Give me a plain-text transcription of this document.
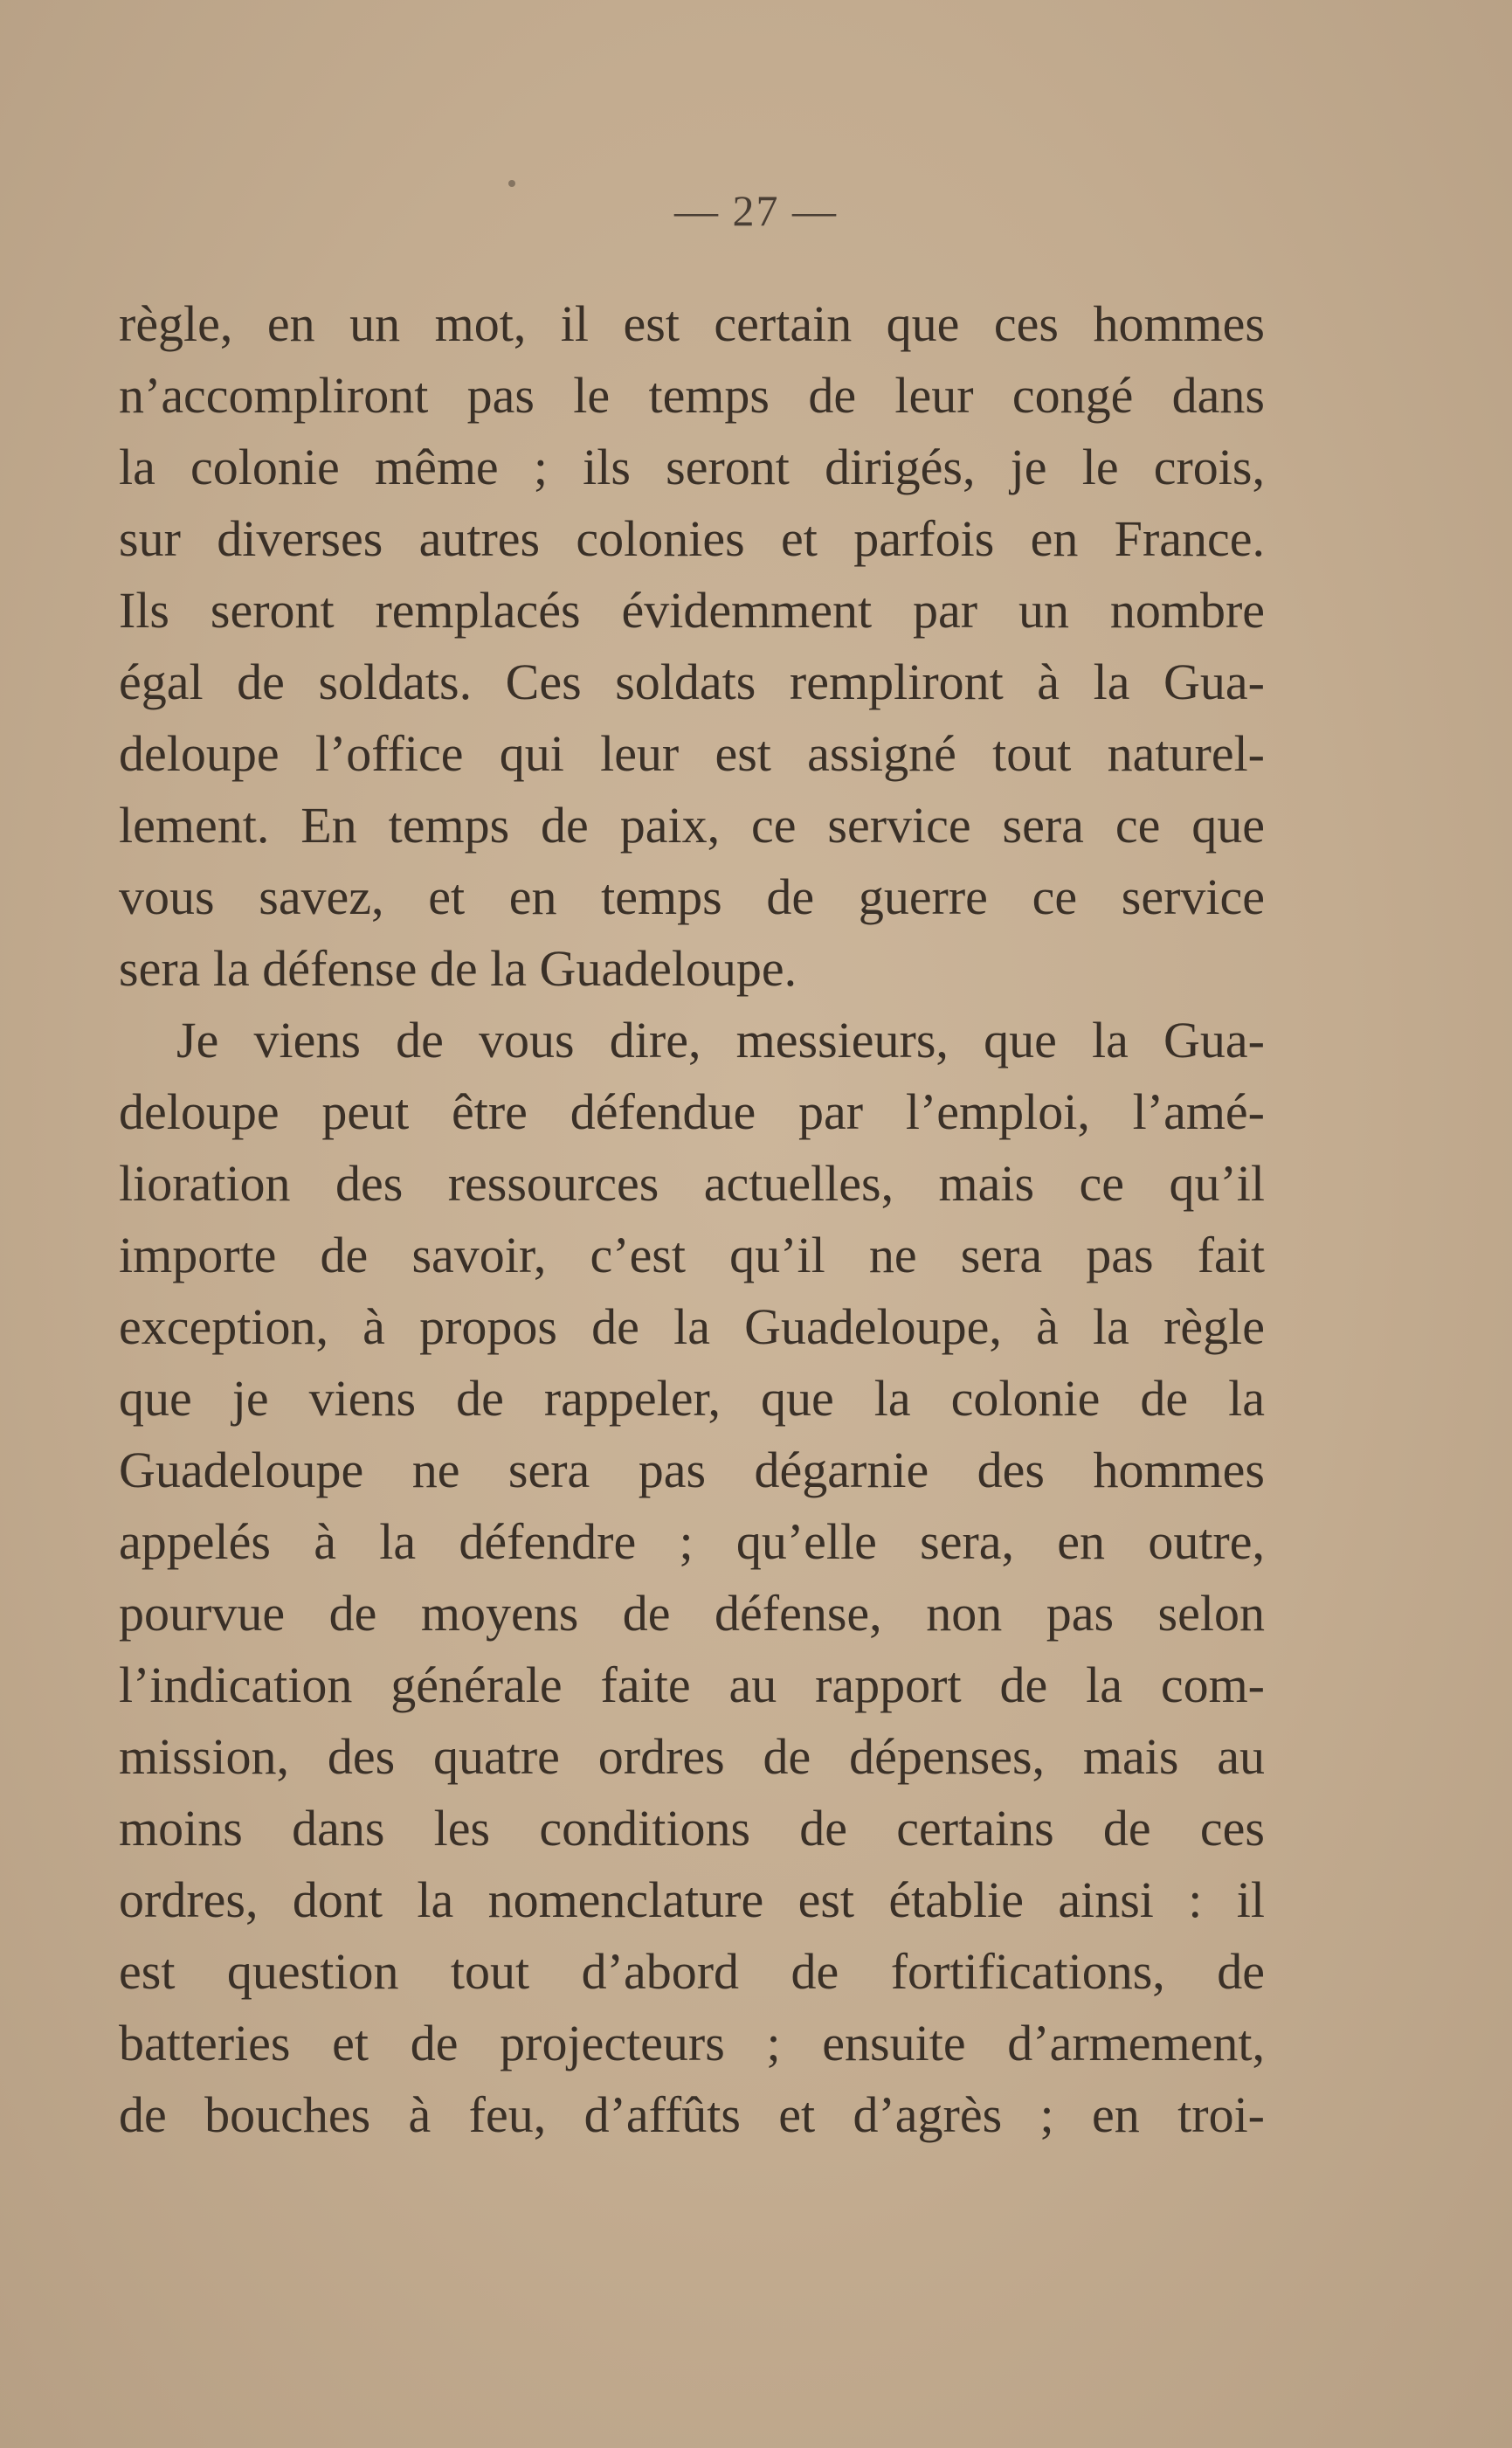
— 27 —
règle, en un mot, il est certain que ces hommes
n’accompliront pas le temps de leur congé dans
la colonie même ; ils seront dirigés, je le crois,
sur diverses autres colonies et parfois en France.
Ils seront remplacés évidemment par un nombre
égal de soldats. Ces soldats rempliront à la Gua-
deloupe l’office qui leur est assigné tout naturel-
lement. En temps de paix, ce service sera ce que
vous savez, et en temps de guerre ce service
sera la défense de la Guadeloupe.
Je viens de vous dire, messieurs, que la Gua-
deloupe peut être défendue par l’emploi, l’amé-
lioration des ressources actuelles, mais ce qu’il
importe de savoir, c’est qu’il ne sera pas fait
exception, à propos de la Guadeloupe, à la règle
que je viens de rappeler, que la colonie de la
Guadeloupe ne sera pas dégarnie des hommes
appelés à la défendre ; qu’elle sera, en outre,
pourvue de moyens de défense, non pas selon
l’indication générale faite au rapport de la com-
mission, des quatre ordres de dépenses, mais au
moins dans les conditions de certains de ces
ordres, dont la nomenclature est établie ainsi : il
est question tout d’abord de fortifications, de
batteries et de projecteurs ; ensuite d’armement,
de bouches à feu, d’affûts et d’agrès ; en troi-
